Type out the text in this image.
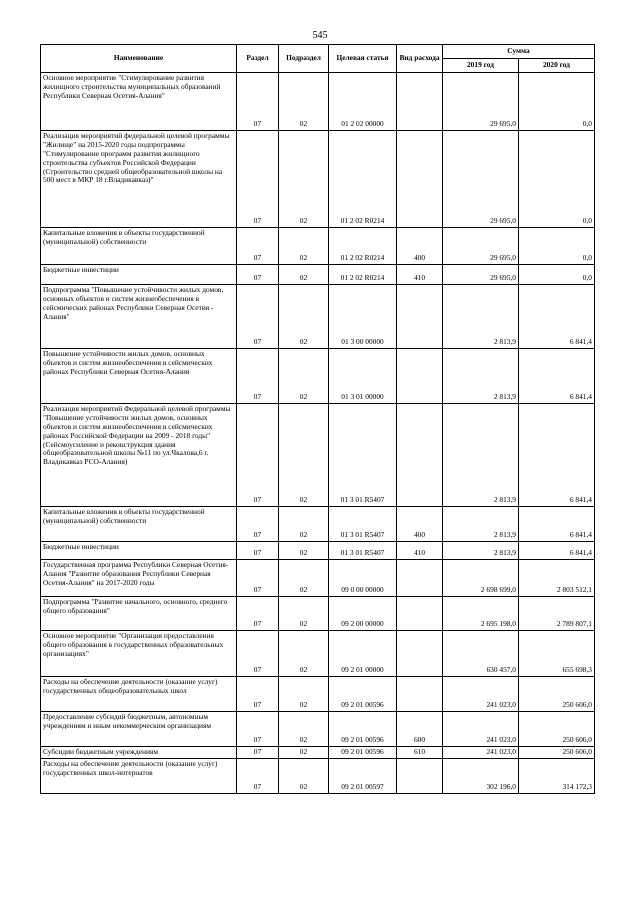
545
Наименование	Раздел	Подраздел	Целевая статья	Вид расхода	Сумма	
					2019 год	2020 год
Основное мероприятие "Стимулирование развития жилищного строительства муниципальных образований Республики Северная Осетия-Алания"	07	02	01 2 02 00000		29 695,0	0,0
Реализация мероприятий федеральной целевой программы "Жилище" на 2015-2020 годы подпрограммы "Стимулирование программ развития жилищного строительства субъектов Российской Федерации (Строительство средней общеобразовательной школы на 500 мест в МКР 18 г.Владикавказ)"	07	02	01 2 02 R0214		29 695,0	0,0
Капитальные вложения в объекты государственной (муниципальной) собственности	07	02	01 2 02 R0214	400	29 695,0	0,0
Бюджетные инвестиции	07	02	01 2 02 R0214	410	29 695,0	0,0
Подпрограмма "Повышение устойчивости жилых домов, основных объектов и систем жизнеобеспечения в сейсмических районах Республики Северная Осетия - Алания"	07	02	01 3 00 00000		2 813,9	6 841,4
Повышение устойчивости жилых домов, основных объектов и систем жизнеобеспечения в сейсмических районах Республики Северная Осетия-Алания	07	02	01 3 01 00000		2 813,9	6 841,4
Реализация мероприятий Федеральной целевой программы "Повышение устойчивости жилых домов, основных объектов и систем жизнеобеспечения в сейсмических районах Российской Федерации на 2009 - 2018 годы" (Сейсмоусиление и реконструкция здания общеобразовательной школы №11 по ул.Чкалова,6 г. Владикавказ РСО-Алания)	07	02	01 3 01 R5407		2 813,9	6 841,4
Капитальные вложения в объекты государственной (муниципальной) собственности	07	02	01 3 01 R5407	400	2 813,9	6 841,4
Бюджетные инвестиции	07	02	01 3 01 R5407	410	2 813,9	6 841,4
Государственная программа Республики Северная Осетия-Алания "Развитие образования Республики Северная Осетия-Алания" на 2017-2020 годы	07	02	09 0 00 00000		2 698 699,0	2 803 512,1
Подпрограмма "Развитие начального, основного, среднего общего образования"	07	02	09 2 00 00000		2 695 198,0	2 789 807,1
Основное мероприятие "Организация предоставления общего образования в государственных образовательных организациях"	07	02	09 2 01 00000		630 457,0	655 698,3
Расходы на обеспечение деятельности (оказание услуг) государственных общеобразовательных школ	07	02	09 2 01 00596		241 023,0	250 606,0
Предоставление субсидий бюджетным, автономным учреждениям и иным некоммерческим организациям	07	02	09 2 01 00596	600	241 023,0	250 606,0
Субсидии бюджетным учреждениям	07	02	09 2 01 00596	610	241 023,0	250 606,0
Расходы на обеспечение деятельности (оказание услуг) государственных школ-интернатов	07	02	09 2 01 00597		302 196,0	314 172,3
